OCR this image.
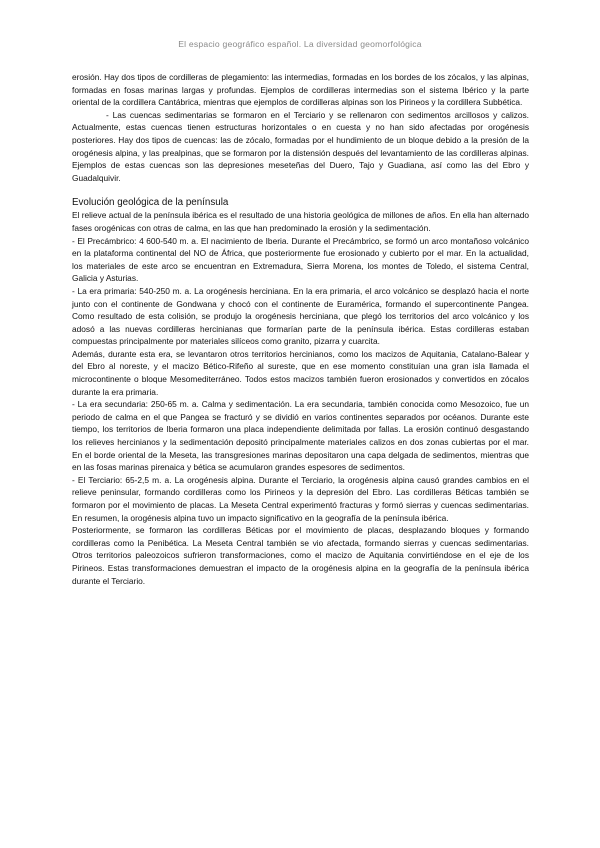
El espacio geográfico español. La diversidad geomorfológica

erosión. Hay dos tipos de cordilleras de plegamiento: las intermedias, formadas en los bordes de los zócalos, y las alpinas, formadas en fosas marinas largas y profundas. Ejemplos de cordilleras intermedias son el sistema Ibérico y la parte oriental de la cordillera Cantábrica, mientras que ejemplos de cordilleras alpinas son los Pirineos y la cordillera Subbética.

- Las cuencas sedimentarias se formaron en el Terciario y se rellenaron con sedimentos arcillosos y calizos. Actualmente, estas cuencas tienen estructuras horizontales o en cuesta y no han sido afectadas por orogénesis posteriores. Hay dos tipos de cuencas: las de zócalo, formadas por el hundimiento de un bloque debido a la presión de la orogénesis alpina, y las prealpinas, que se formaron por la distensión después del levantamiento de las cordilleras alpinas. Ejemplos de estas cuencas son las depresiones meseteñas del Duero, Tajo y Guadiana, así como las del Ebro y Guadalquivir.

Evolución geológica de la península

El relieve actual de la península ibérica es el resultado de una historia geológica de millones de años. En ella han alternado fases orogénicas con otras de calma, en las que han predominado la erosión y la sedimentación.

- El Precámbrico: 4 600-540 m. a. El nacimiento de Iberia. Durante el Precámbrico, se formó un arco montañoso volcánico en la plataforma continental del NO de África, que posteriormente fue erosionado y cubierto por el mar. En la actualidad, los materiales de este arco se encuentran en Extremadura, Sierra Morena, los montes de Toledo, el sistema Central, Galicia y Asturias.

- La era primaria: 540-250 m. a. La orogénesis herciniana. En la era primaria, el arco volcánico se desplazó hacia el norte junto con el continente de Gondwana y chocó con el continente de Euramérica, formando el supercontinente Pangea. Como resultado de esta colisión, se produjo la orogénesis herciniana, que plegó los territorios del arco volcánico y los adosó a las nuevas cordilleras hercinianas que formarían parte de la península ibérica. Estas cordilleras estaban compuestas principalmente por materiales silíceos como granito, pizarra y cuarcita.

Además, durante esta era, se levantaron otros territorios hercinianos, como los macizos de Aquitania, Catalano-Balear y del Ebro al noreste, y el macizo Bético-Rifeño al sureste, que en ese momento constituían una gran isla llamada el microcontinente o bloque Mesomediterráneo. Todos estos macizos también fueron erosionados y convertidos en zócalos durante la era primaria.

- La era secundaria: 250-65 m. a. Calma y sedimentación. La era secundaria, también conocida como Mesozoico, fue un periodo de calma en el que Pangea se fracturó y se dividió en varios continentes separados por océanos. Durante este tiempo, los territorios de Iberia formaron una placa independiente delimitada por fallas. La erosión continuó desgastando los relieves hercinianos y la sedimentación depositó principalmente materiales calizos en dos zonas cubiertas por el mar. En el borde oriental de la Meseta, las transgresiones marinas depositaron una capa delgada de sedimentos, mientras que en las fosas marinas pirenaica y bética se acumularon grandes espesores de sedimentos.

- El Terciario: 65-2,5 m. a. La orogénesis alpina. Durante el Terciario, la orogénesis alpina causó grandes cambios en el relieve peninsular, formando cordilleras como los Pirineos y la depresión del Ebro. Las cordilleras Béticas también se formaron por el movimiento de placas. La Meseta Central experimentó fracturas y formó sierras y cuencas sedimentarias. En resumen, la orogénesis alpina tuvo un impacto significativo en la geografía de la península ibérica.

Posteriormente, se formaron las cordilleras Béticas por el movimiento de placas, desplazando bloques y formando cordilleras como la Penibética. La Meseta Central también se vio afectada, formando sierras y cuencas sedimentarias. Otros territorios paleozoicos sufrieron transformaciones, como el macizo de Aquitania convirtiéndose en el eje de los Pirineos. Estas transformaciones demuestran el impacto de la orogénesis alpina en la geografía de la península ibérica durante el Terciario.
